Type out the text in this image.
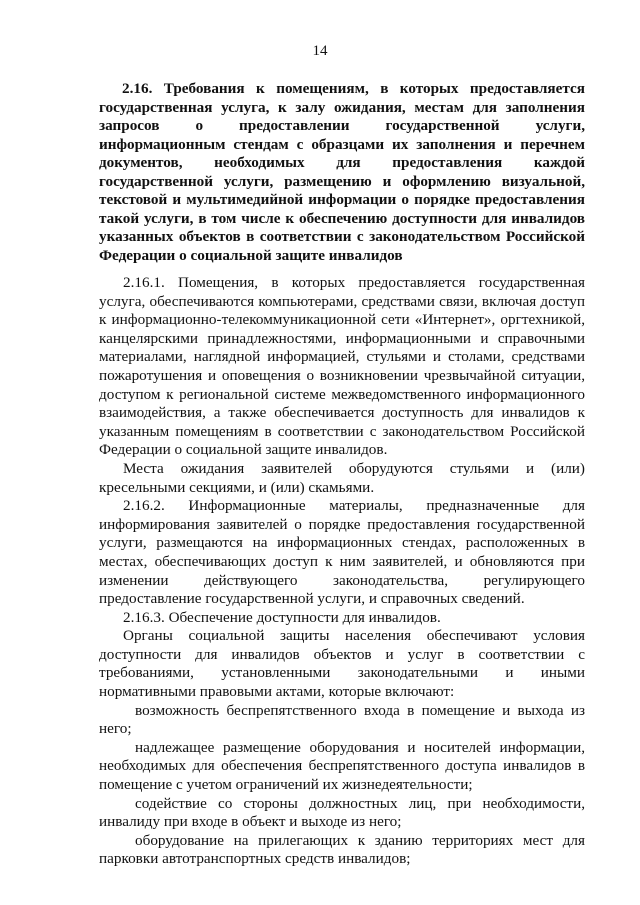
14
2.16. Требования к помещениям, в которых предоставляется государственная услуга, к залу ожидания, местам для заполнения запросов о предоставлении государственной услуги, информационным стендам с образцами их заполнения и перечнем документов, необходимых для предоставления каждой государственной услуги, размещению и оформлению визуальной, текстовой и мультимедийной информации о порядке предоставления такой услуги, в том числе к обеспечению доступности для инвалидов указанных объектов в соответствии с законодательством Российской Федерации о социальной защите инвалидов

2.16.1. Помещения, в которых предоставляется государственная услуга, обеспечиваются компьютерами, средствами связи, включая доступ к информационно-телекоммуникационной сети «Интернет», оргтехникой, канцелярскими принадлежностями, информационными и справочными материалами, наглядной информацией, стульями и столами, средствами пожаротушения и оповещения о возникновении чрезвычайной ситуации, доступом к региональной системе межведомственного информационного взаимодействия, а также обеспечивается доступность для инвалидов к указанным помещениям в соответствии с законодательством Российской Федерации о социальной защите инвалидов.

Места ожидания заявителей оборудуются стульями и (или) кресельными секциями, и (или) скамьями.

2.16.2. Информационные материалы, предназначенные для информирования заявителей о порядке предоставления государственной услуги, размещаются на информационных стендах, расположенных в местах, обеспечивающих доступ к ним заявителей, и обновляются при изменении действующего законодательства, регулирующего предоставление государственной услуги, и справочных сведений.

2.16.3. Обеспечение доступности для инвалидов.

Органы социальной защиты населения обеспечивают условия доступности для инвалидов объектов и услуг в соответствии с требованиями, установленными законодательными и иными нормативными правовыми актами, которые включают:

возможность беспрепятственного входа в помещение и выхода из него;

надлежащее размещение оборудования и носителей информации, необходимых для обеспечения беспрепятственного доступа инвалидов в помещение с учетом ограничений их жизнедеятельности;

содействие со стороны должностных лиц, при необходимости, инвалиду при входе в объект и выходе из него;

оборудование на прилегающих к зданию территориях мест для парковки автотранспортных средств инвалидов;
